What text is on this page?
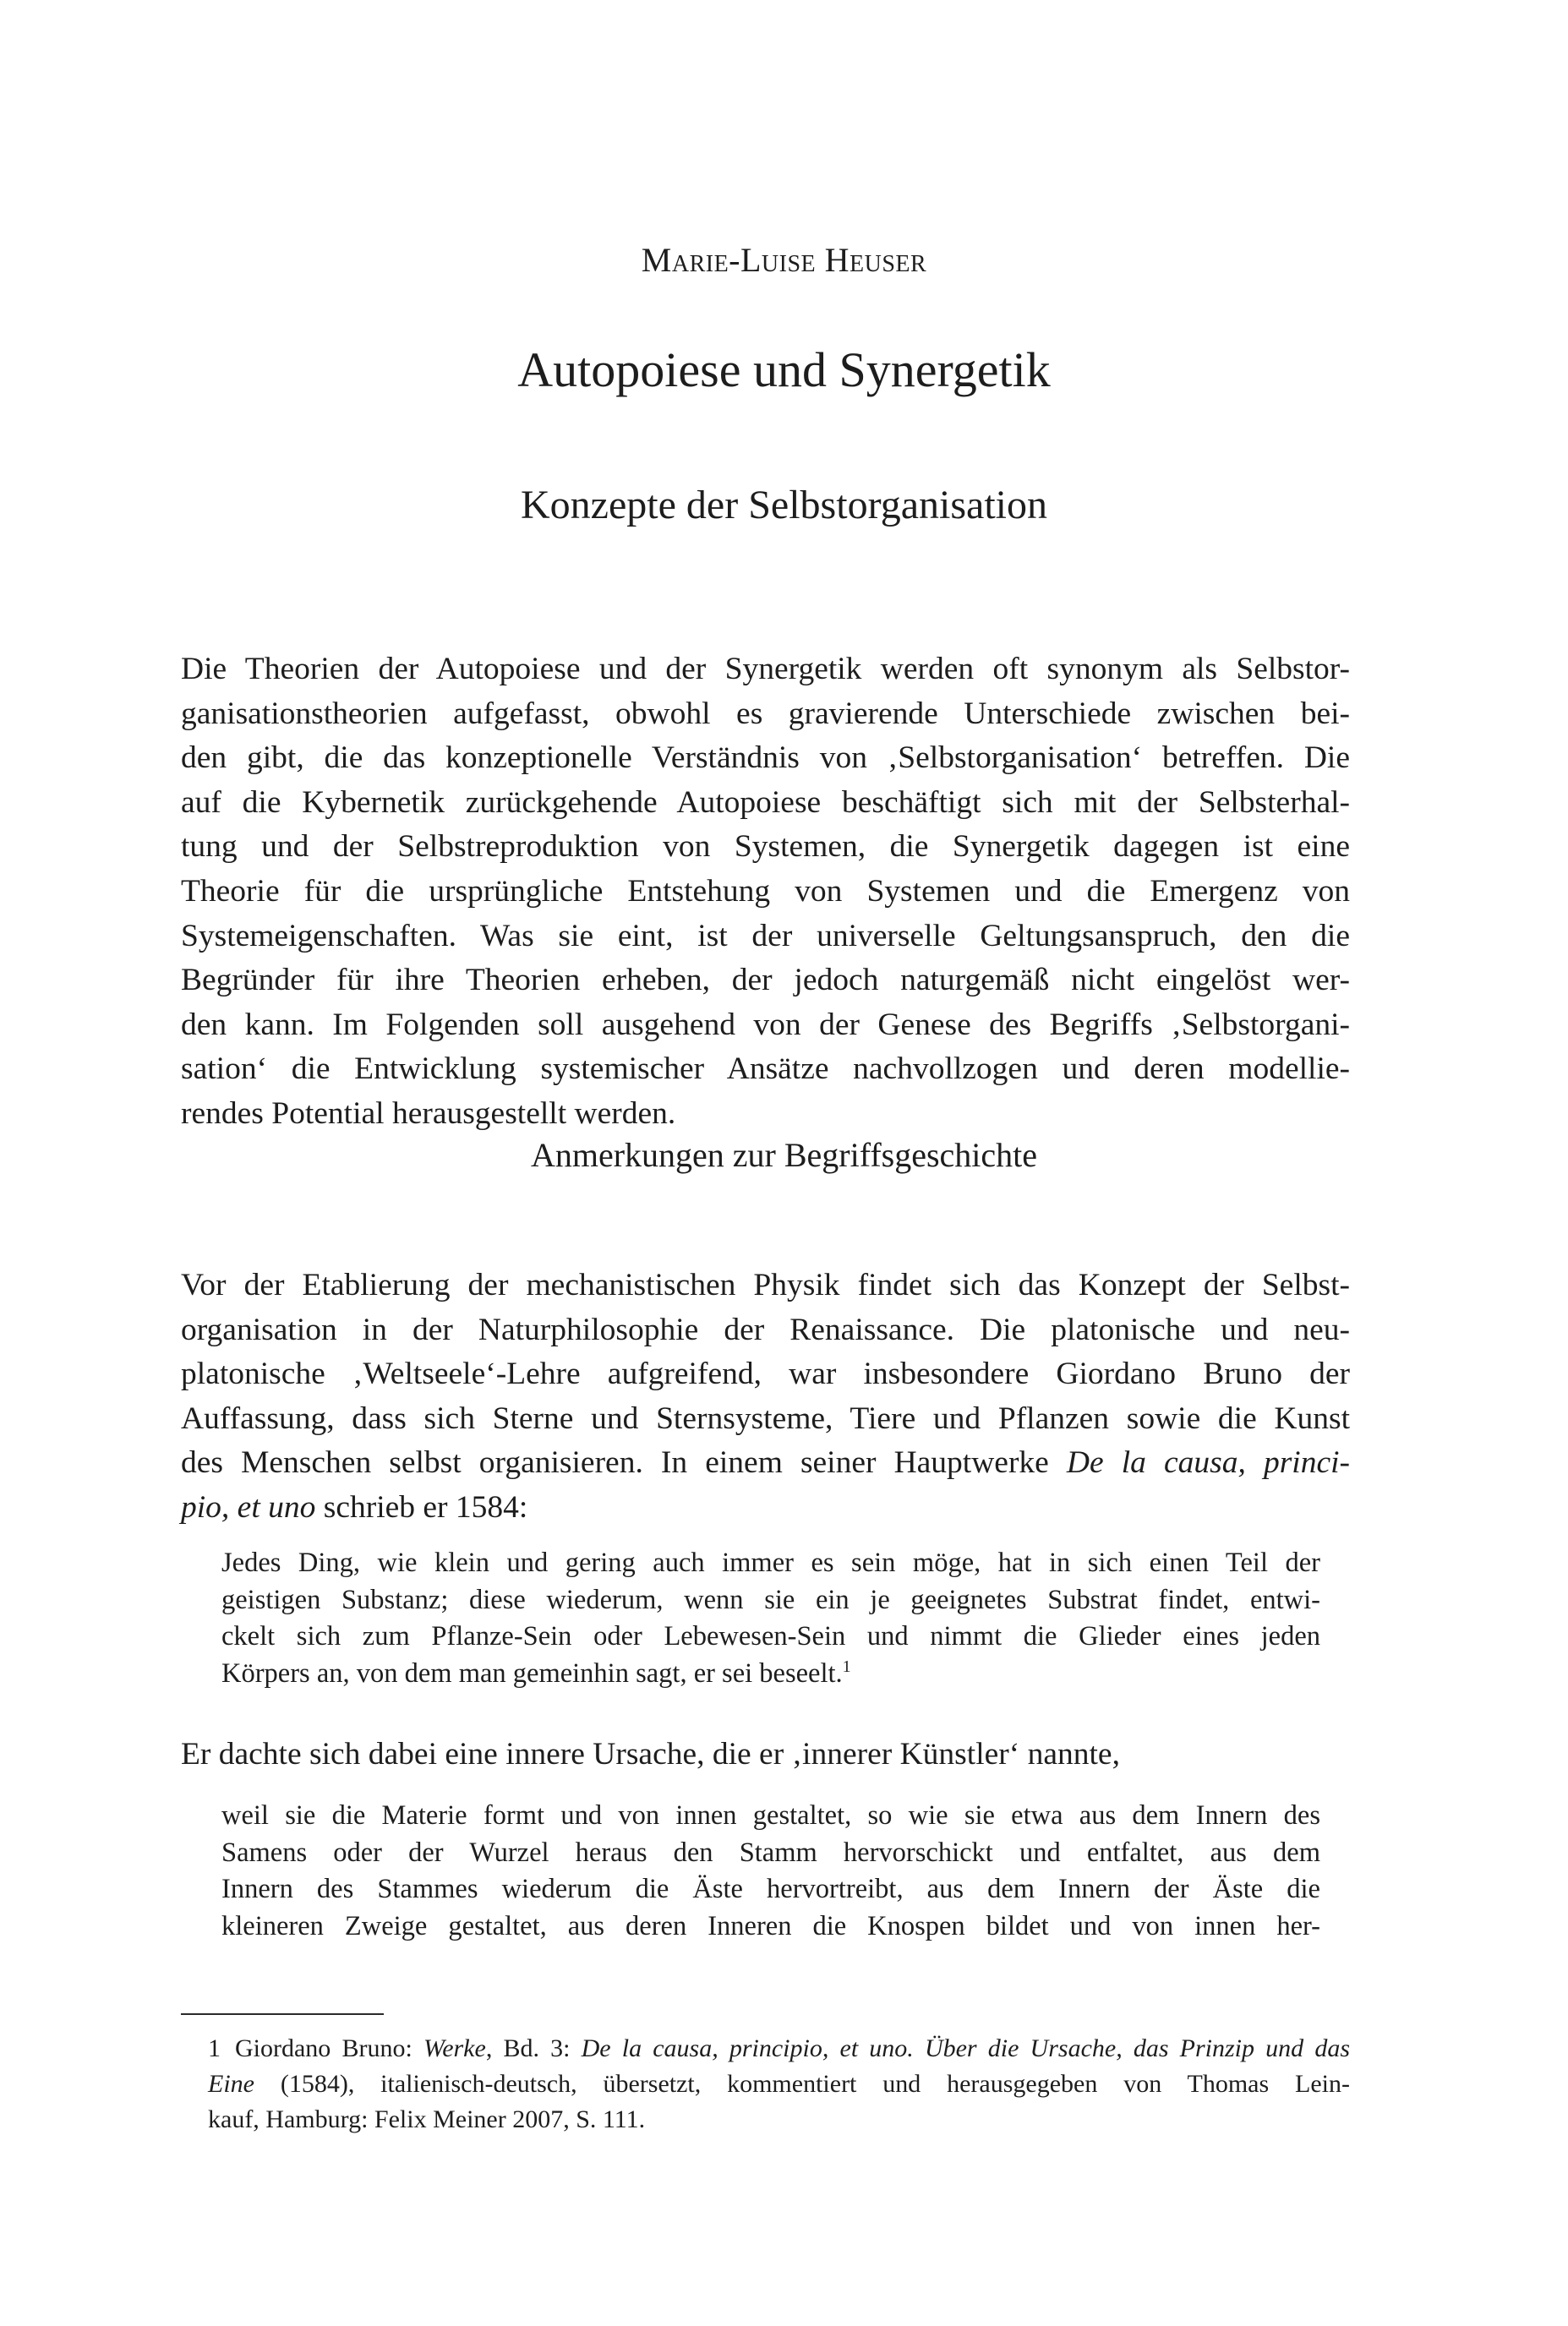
Marie-Luise Heuser
Autopoiese und Synergetik
Konzepte der Selbstorganisation
Die Theorien der Autopoiese und der Synergetik werden oft synonym als Selbstor-
ganisationstheorien aufgefasst, obwohl es gravierende Unterschiede zwischen bei-
den gibt, die das konzeptionelle Verständnis von ‚Selbstorganisation‘ betreffen. Die
auf die Kybernetik zurückgehende Autopoiese beschäftigt sich mit der Selbsterhal-
tung und der Selbstreproduktion von Systemen, die Synergetik dagegen ist eine
Theorie für die ursprüngliche Entstehung von Systemen und die Emergenz von
Systemeigenschaften. Was sie eint, ist der universelle Geltungsanspruch, den die
Begründer für ihre Theorien erheben, der jedoch naturgemäß nicht eingelöst wer-
den kann. Im Folgenden soll ausgehend von der Genese des Begriffs ‚Selbstorgani-
sation‘ die Entwicklung systemischer Ansätze nachvollzogen und deren modellie-
rendes Potential herausgestellt werden.
Anmerkungen zur Begriffsgeschichte
Vor der Etablierung der mechanistischen Physik findet sich das Konzept der Selbst-
organisation in der Naturphilosophie der Renaissance. Die platonische und neu-
platonische ‚Weltseele‘-Lehre aufgreifend, war insbesondere Giordano Bruno der
Auffassung, dass sich Sterne und Sternsysteme, Tiere und Pflanzen sowie die Kunst
des Menschen selbst organisieren. In einem seiner Hauptwerke De la causa, princi-
pio, et uno schrieb er 1584:
Jedes Ding, wie klein und gering auch immer es sein möge, hat in sich einen Teil der
geistigen Substanz; diese wiederum, wenn sie ein je geeignetes Substrat findet, entwi-
ckelt sich zum Pflanze-Sein oder Lebewesen-Sein und nimmt die Glieder eines jeden
Körpers an, von dem man gemeinhin sagt, er sei beseelt.$^1$
Er dachte sich dabei eine innere Ursache, die er ‚innerer Künstler‘ nannte,
weil sie die Materie formt und von innen gestaltet, so wie sie etwa aus dem Innern des
Samens oder der Wurzel heraus den Stamm hervorschickt und entfaltet, aus dem
Innern des Stammes wiederum die Äste hervortreibt, aus dem Innern der Äste die
kleineren Zweige gestaltet, aus deren Inneren die Knospen bildet und von innen her-
1 Giordano Bruno: Werke, Bd. 3: De la causa, principio, et uno. Über die Ursache, das Prinzip und das
Eine (1584), italienisch-deutsch, übersetzt, kommentiert und herausgegeben von Thomas Lein-
kauf, Hamburg: Felix Meiner 2007, S. 111.
